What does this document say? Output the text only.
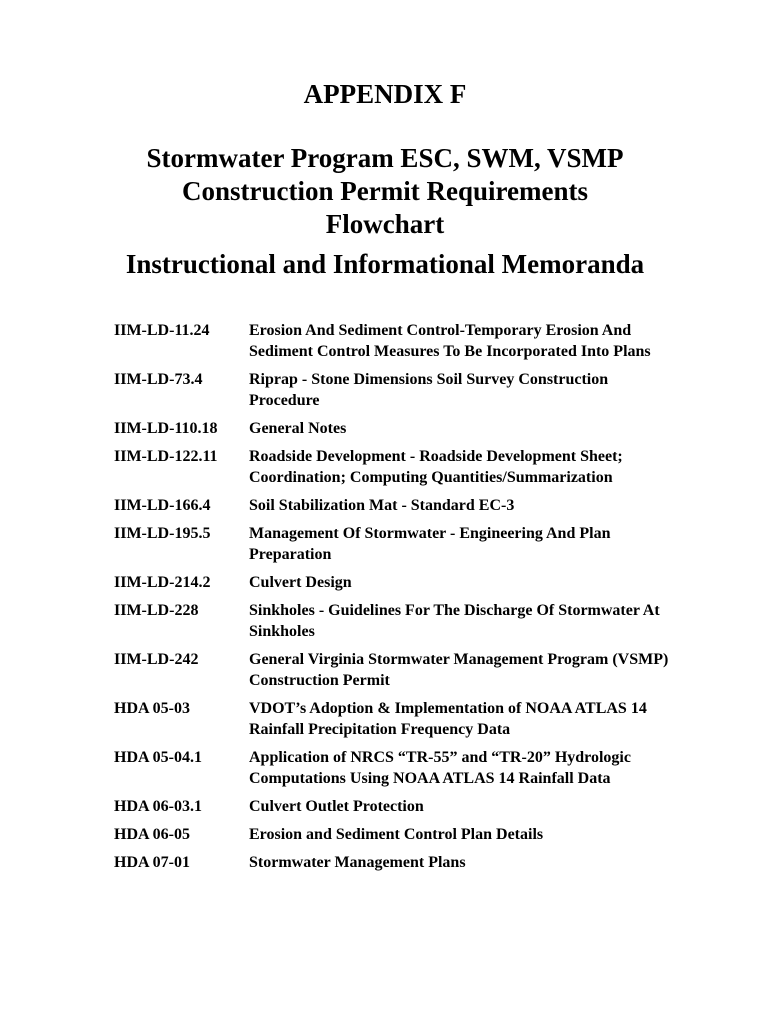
APPENDIX F
Stormwater Program ESC, SWM, VSMP
Construction Permit Requirements
Flowchart
Instructional and Informational Memoranda
IIM-LD-11.24	Erosion And Sediment Control-Temporary Erosion And Sediment Control Measures To Be Incorporated Into Plans
IIM-LD-73.4	Riprap - Stone Dimensions Soil Survey Construction Procedure
IIM-LD-110.18	General Notes
IIM-LD-122.11	Roadside Development - Roadside Development Sheet; Coordination; Computing Quantities/Summarization
IIM-LD-166.4	Soil Stabilization Mat - Standard EC-3
IIM-LD-195.5	Management Of Stormwater - Engineering And Plan Preparation
IIM-LD-214.2	Culvert Design
IIM-LD-228	Sinkholes - Guidelines For The Discharge Of Stormwater At Sinkholes
IIM-LD-242	General Virginia Stormwater Management Program (VSMP) Construction Permit
HDA 05-03	VDOT’s Adoption & Implementation of NOAA ATLAS 14 Rainfall Precipitation Frequency Data
HDA 05-04.1	Application of NRCS “TR-55” and “TR-20” Hydrologic Computations Using NOAA ATLAS 14 Rainfall Data
HDA 06-03.1	Culvert Outlet Protection
HDA 06-05	Erosion and Sediment Control Plan Details
HDA 07-01	Stormwater Management Plans
